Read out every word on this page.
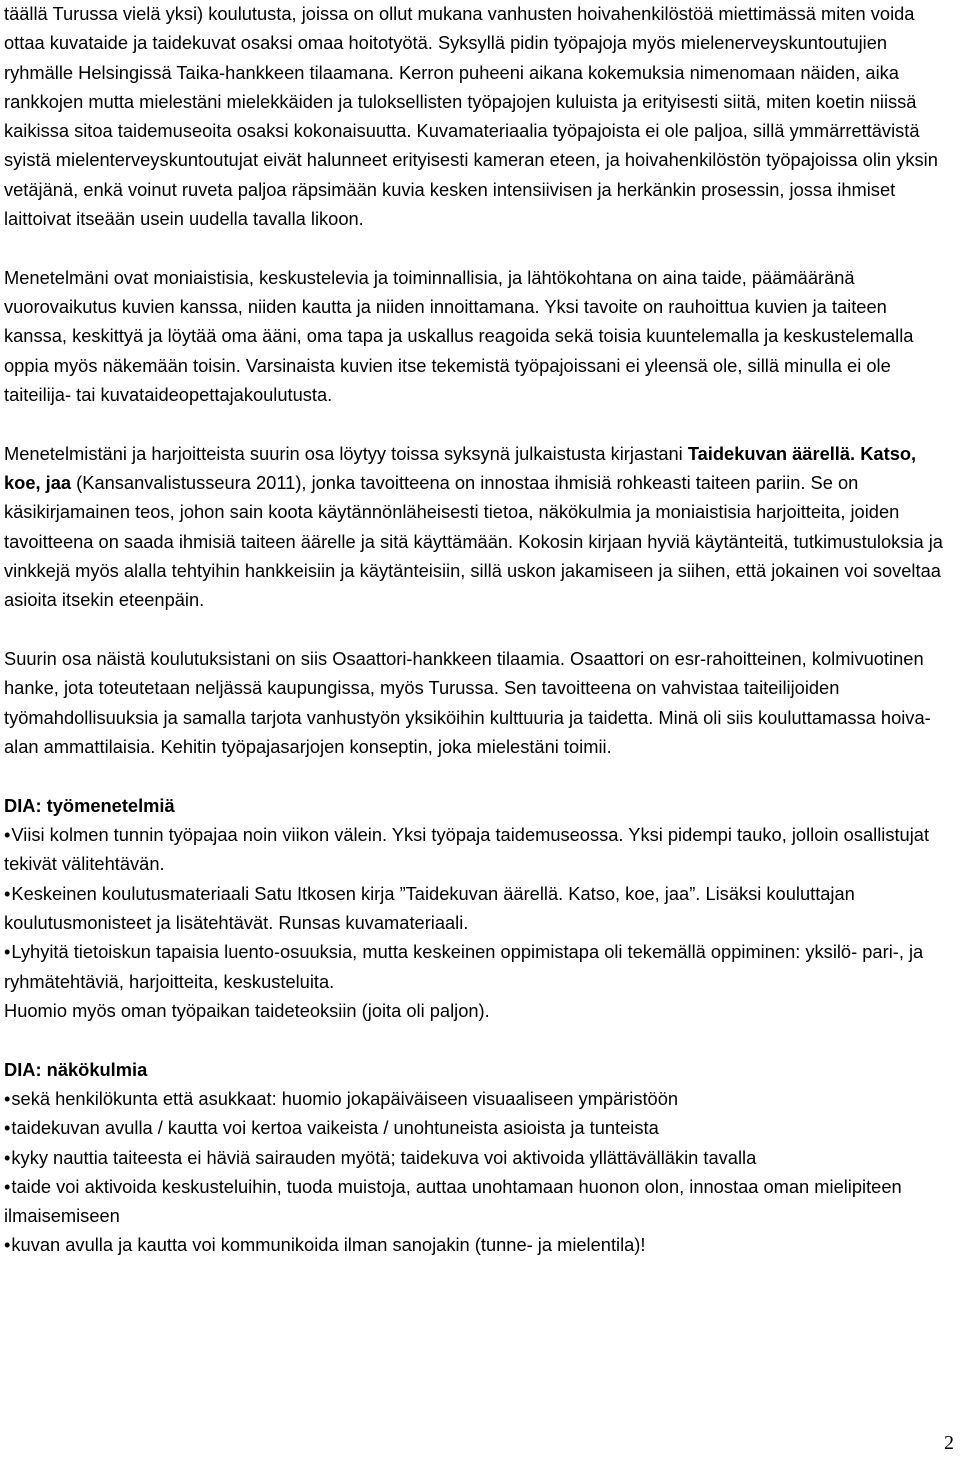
täällä Turussa vielä yksi) koulutusta, joissa on ollut mukana vanhusten hoivahenkilöstöä miettimässä miten voida ottaa kuvataide ja taidekuvat osaksi omaa hoitotyötä. Syksyllä pidin työpajoja myös mielenerveyskuntoutujien ryhmälle Helsingissä Taika-hankkeen tilaamana. Kerron puheeni aikana kokemuksia nimenomaan näiden, aika rankkojen mutta mielestäni mielekkäiden ja tuloksellisten työpajojen kuluista ja erityisesti siitä, miten koetin niissä kaikissa sitoa taidemuseoita osaksi kokonaisuutta. Kuvamateriaalia työpajoista ei ole paljoa, sillä ymmärrettävistä syistä mielenterveyskuntoutujat eivät halunneet erityisesti kameran eteen, ja hoivahenkilöstön työpajoissa olin yksin vetäjänä, enkä voinut ruveta paljoa räpsimään kuvia kesken intensiivisen ja herkänkin prosessin, jossa ihmiset laittoivat itseään usein uudella tavalla likoon.

Menetelmäni ovat moniaistisia, keskustelevia ja toiminnallisia, ja lähtökohtana on aina taide, päämääränä vuorovaikutus kuvien kanssa, niiden kautta ja niiden innoittamana. Yksi tavoite on rauhoittua kuvien ja taiteen kanssa, keskittyä ja löytää oma ääni, oma tapa ja uskallus reagoida sekä toisia kuuntelemalla ja keskustelemalla oppia myös näkemään toisin. Varsinaista kuvien itse tekemistä työpajoissani ei yleensä ole, sillä minulla ei ole taiteilija- tai kuvataideopettajakoulutusta.

Menetelmistäni ja harjoitteista suurin osa löytyy toissa syksynä julkaistusta kirjastani Taidekuvan äärellä. Katso, koe, jaa (Kansanvalistusseura 2011), jonka tavoitteena on innostaa ihmisiä rohkeasti taiteen pariin. Se on käsikirjamainen teos, johon sain koota käytännönläheisesti tietoa, näkökulmia ja moniaistisia harjoitteita, joiden tavoitteena on saada ihmisiä taiteen äärelle ja sitä käyttämään. Kokosin kirjaan hyviä käytänteitä, tutkimustuloksia ja vinkkejä myös alalla tehtyihin hankkeisiin ja käytänteisiin, sillä uskon jakamiseen ja siihen, että jokainen voi soveltaa asioita itsekin eteenpäin.

Suurin osa näistä koulutuksistani on siis Osaattori-hankkeen tilaamia. Osaattori on esr-rahoitteinen, kolmivuotinen hanke, jota toteutetaan neljässä kaupungissa, myös Turussa. Sen tavoitteena on vahvistaa taiteilijoiden työmahdollisuuksia ja samalla tarjota vanhustyön yksiköihin kulttuuria ja taidetta. Minä oli siis kouluttamassa hoiva-alan ammattilaisia. Kehitin työpajasarjojen konseptin, joka mielestäni toimii.

DIA: työmenetelmiä

•Viisi kolmen tunnin työpajaa noin viikon välein. Yksi työpaja taidemuseossa. Yksi pidempi tauko, jolloin osallistujat tekivät välitehtävän.

•Keskeinen koulutusmateriaali Satu Itkosen kirja ”Taidekuvan äärellä. Katso, koe, jaa”. Lisäksi kouluttajan koulutusmonisteet ja lisätehtävät. Runsas kuvamateriaali.

•Lyhyitä tietoiskun tapaisia luento-osuuksia, mutta keskeinen oppimistapa oli tekemällä oppiminen: yksilö- pari-, ja ryhmätehtäviä, harjoitteita, keskusteluita.

Huomio myös oman työpaikan taideteoksiin (joita oli paljon).

DIA: näkökulmia

•sekä henkilökunta että asukkaat: huomio jokapäiväiseen visuaaliseen ympäristöön

•taidekuvan avulla / kautta voi kertoa vaikeista / unohtuneista asioista ja tunteista

•kyky nauttia taiteesta ei häviä sairauden myötä; taidekuva voi aktivoida yllättävälläkin tavalla

•taide voi aktivoida keskusteluihin, tuoda muistoja, auttaa unohtamaan huonon olon, innostaa oman mielipiteen ilmaisemiseen

•kuvan avulla ja kautta voi kommunikoida ilman sanojakin (tunne- ja mielentila)!

2
